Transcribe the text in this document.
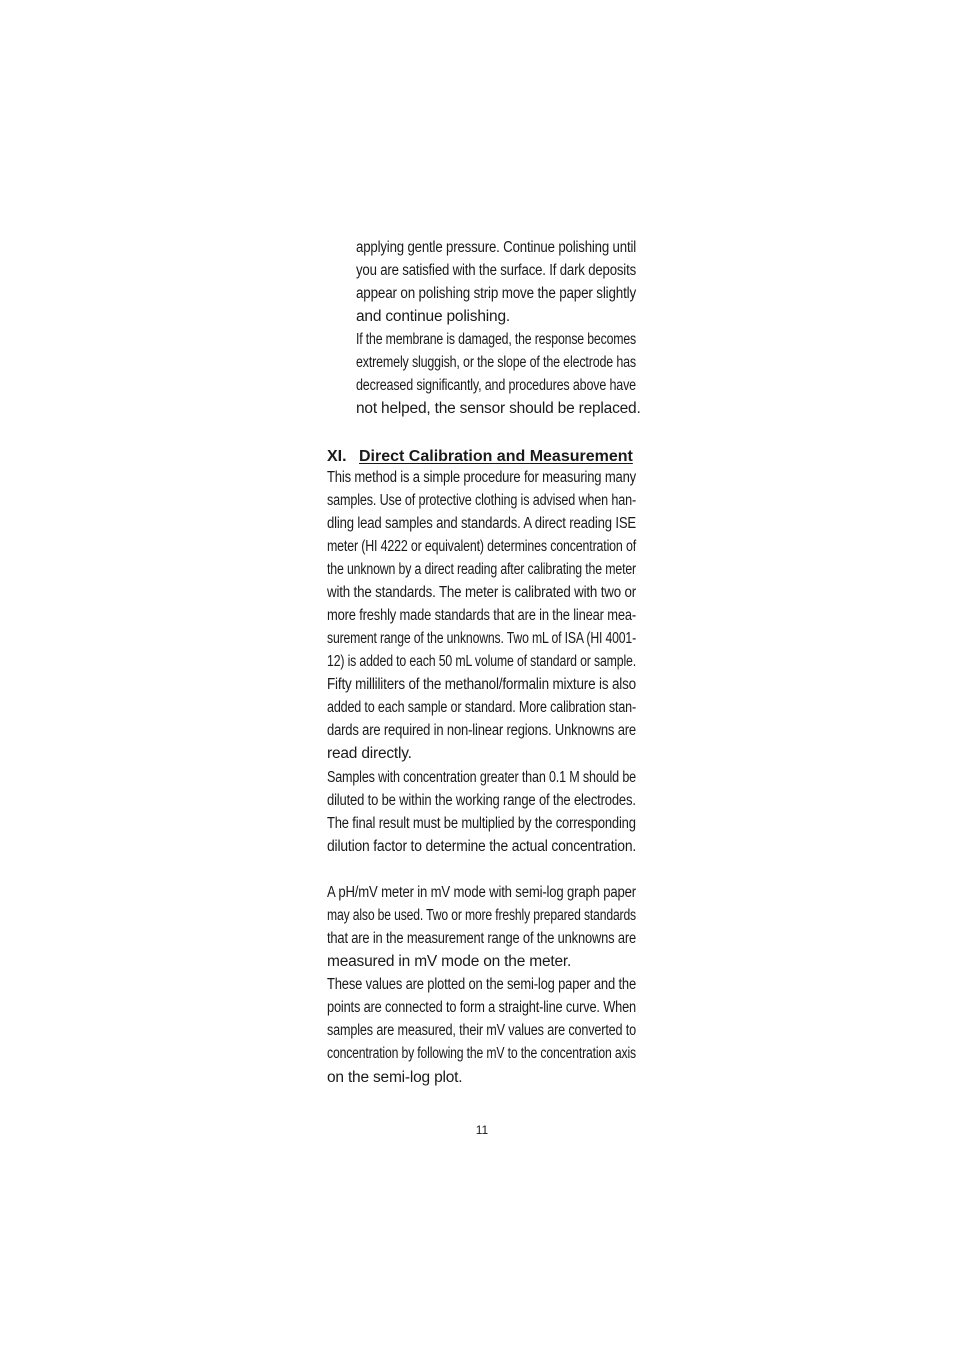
applying gentle pressure. Continue polishing until
you are satisfied with the surface. If dark deposits
appear on polishing strip move the paper slightly
and continue polishing.
If the membrane is damaged, the response becomes
extremely sluggish, or the slope of the electrode has
decreased significantly, and procedures above have
not helped, the sensor should be replaced.
XI. Direct Calibration and Measurement
This method is a simple procedure for measuring many
samples. Use of protective clothing is advised when han-
dling lead samples and standards. A direct reading ISE
meter (HI 4222 or equivalent) determines concentration of
the unknown by a direct reading after calibrating the meter
with the standards. The meter is calibrated with two or
more freshly made standards that are in the linear mea-
surement range of the unknowns. Two mL of ISA (HI 4001-
12) is added to each 50 mL volume of standard or sample.
Fifty milliliters of the methanol/formalin mixture is also
added to each sample or standard. More calibration stan-
dards are required in non-linear regions. Unknowns are
read directly.
Samples with concentration greater than 0.1 M should be
diluted to be within the working range of the electrodes.
The final result must be multiplied by the corresponding
dilution factor to determine the actual concentration.
A pH/mV meter in mV mode with semi-log graph paper
may also be used. Two or more freshly prepared standards
that are in the measurement range of the unknowns are
measured in mV mode on the meter.
These values are plotted on the semi-log paper and the
points are connected to form a straight-line curve. When
samples are measured, their mV values are converted to
concentration by following the mV to the concentration axis
on the semi-log plot.
11
